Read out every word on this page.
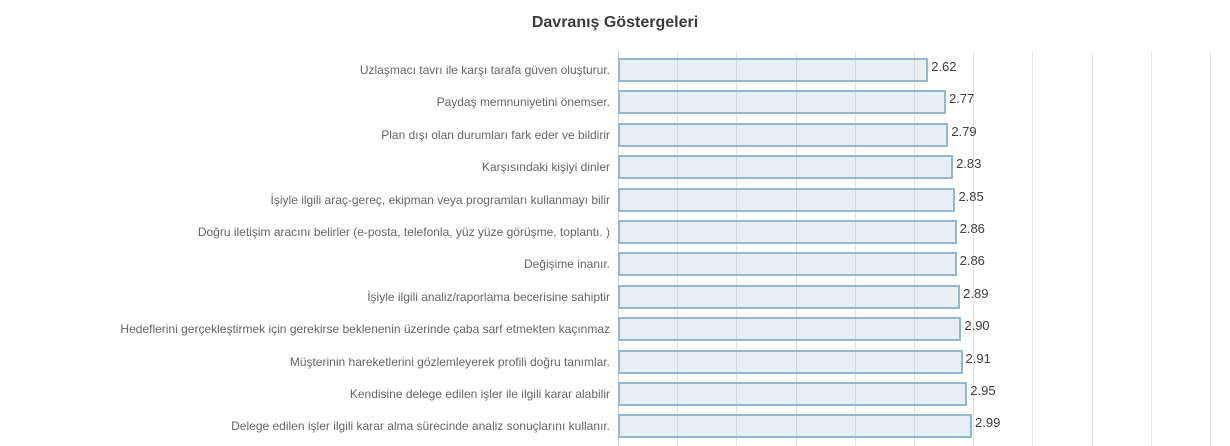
Davranış Göstergeleri
Uzlaşmacı tavrı ile karşı tarafa güven oluşturur.	2.62
Paydaş memnuniyetini önemser.	2.77
Plan dışı olan durumları fark eder ve bildirir	2.79
Karşısındaki kişiyi dinler	2.83
İşiyle ilgili araç-gereç, ekipman veya programları kullanmayı bilir	2.85
Doğru iletişim aracını belirler (e-posta, telefonla, yüz yüze görüşme, toplantı. )	2.86
Değişime inanır.	2.86
İşiyle ilgili analiz/raporlama becerisine sahiptir	2.89
Hedeflerini gerçekleştirmek için gerekirse beklenenin üzerinde çaba sarf etmekten kaçınmaz	2.90
Müşterinin hareketlerini gözlemleyerek profili doğru tanımlar.	2.91
Kendisine delege edilen işler ile ilgili karar alabilir	2.95
Delege edilen işler ilgili karar alma sürecinde analiz sonuçlarını kullanır.	2.99
